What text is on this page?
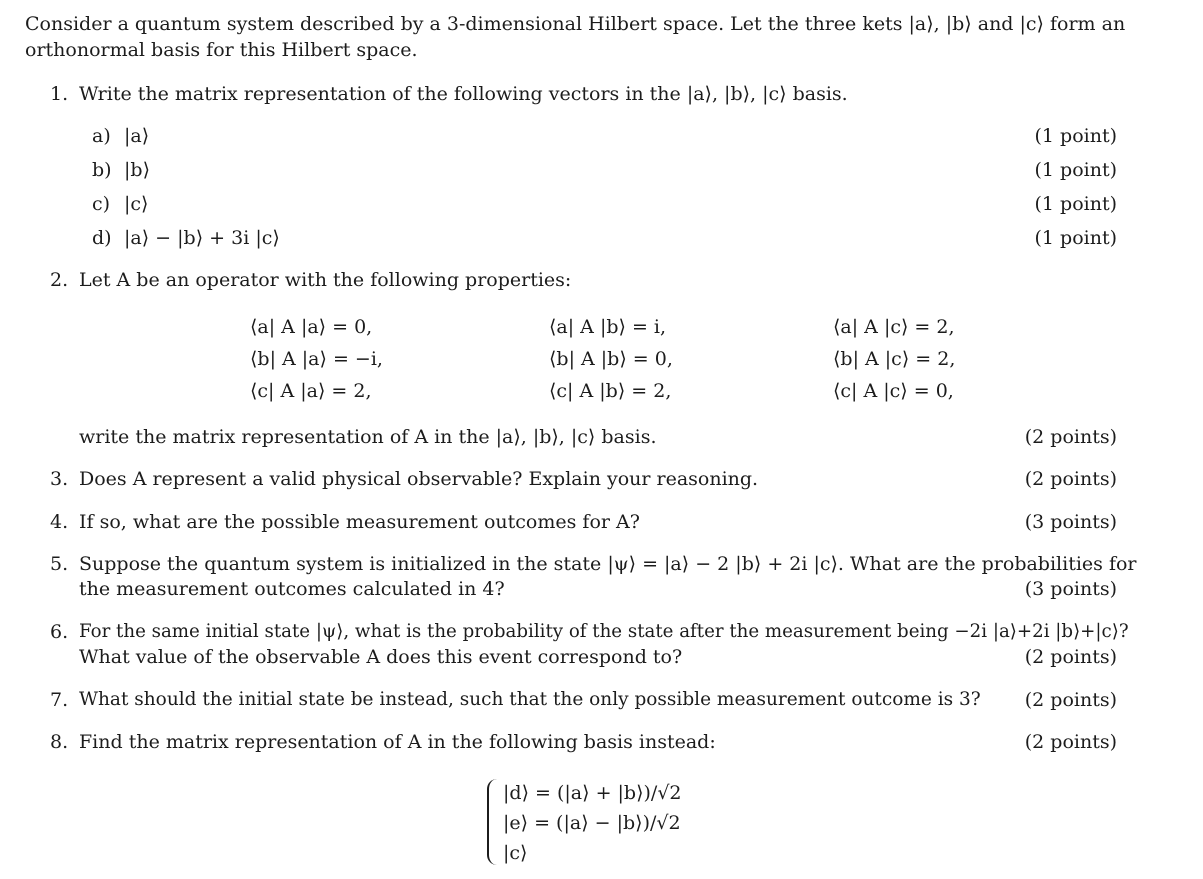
Consider a quantum system described by a 3-dimensional Hilbert space. Let the three kets |a⟩, |b⟩ and |c⟩ form an
orthonormal basis for this Hilbert space.
1. Write the matrix representation of the following vectors in the |a⟩, |b⟩, |c⟩ basis.
a) |a⟩	(1 point)
b) |b⟩	(1 point)
c) |c⟩	(1 point)
d) |a⟩ − |b⟩ + 3i |c⟩	(1 point)
2. Let A be an operator with the following properties:
⟨a| A |a⟩ = 0,	⟨a| A |b⟩ = i,	⟨a| A |c⟩ = 2,
⟨b| A |a⟩ = −i,	⟨b| A |b⟩ = 0,	⟨b| A |c⟩ = 2,
⟨c| A |a⟩ = 2,	⟨c| A |b⟩ = 2,	⟨c| A |c⟩ = 0,
write the matrix representation of A in the |a⟩, |b⟩, |c⟩ basis.	(2 points)
3. Does A represent a valid physical observable? Explain your reasoning.	(2 points)
4. If so, what are the possible measurement outcomes for A?	(3 points)
5. Suppose the quantum system is initialized in the state |ψ⟩ = |a⟩ − 2 |b⟩ + 2i |c⟩. What are the probabilities for
the measurement outcomes calculated in 4?	(3 points)
6. For the same initial state |ψ⟩, what is the probability of the state after the measurement being −2i |a⟩+2i |b⟩+|c⟩?
What value of the observable A does this event correspond to?	(2 points)
7. What should the initial state be instead, such that the only possible measurement outcome is 3? (2 points)
8. Find the matrix representation of A in the following basis instead:	(2 points)
|d⟩ = (|a⟩ + |b⟩)/√2
|e⟩ = (|a⟩ − |b⟩)/√2
|c⟩
